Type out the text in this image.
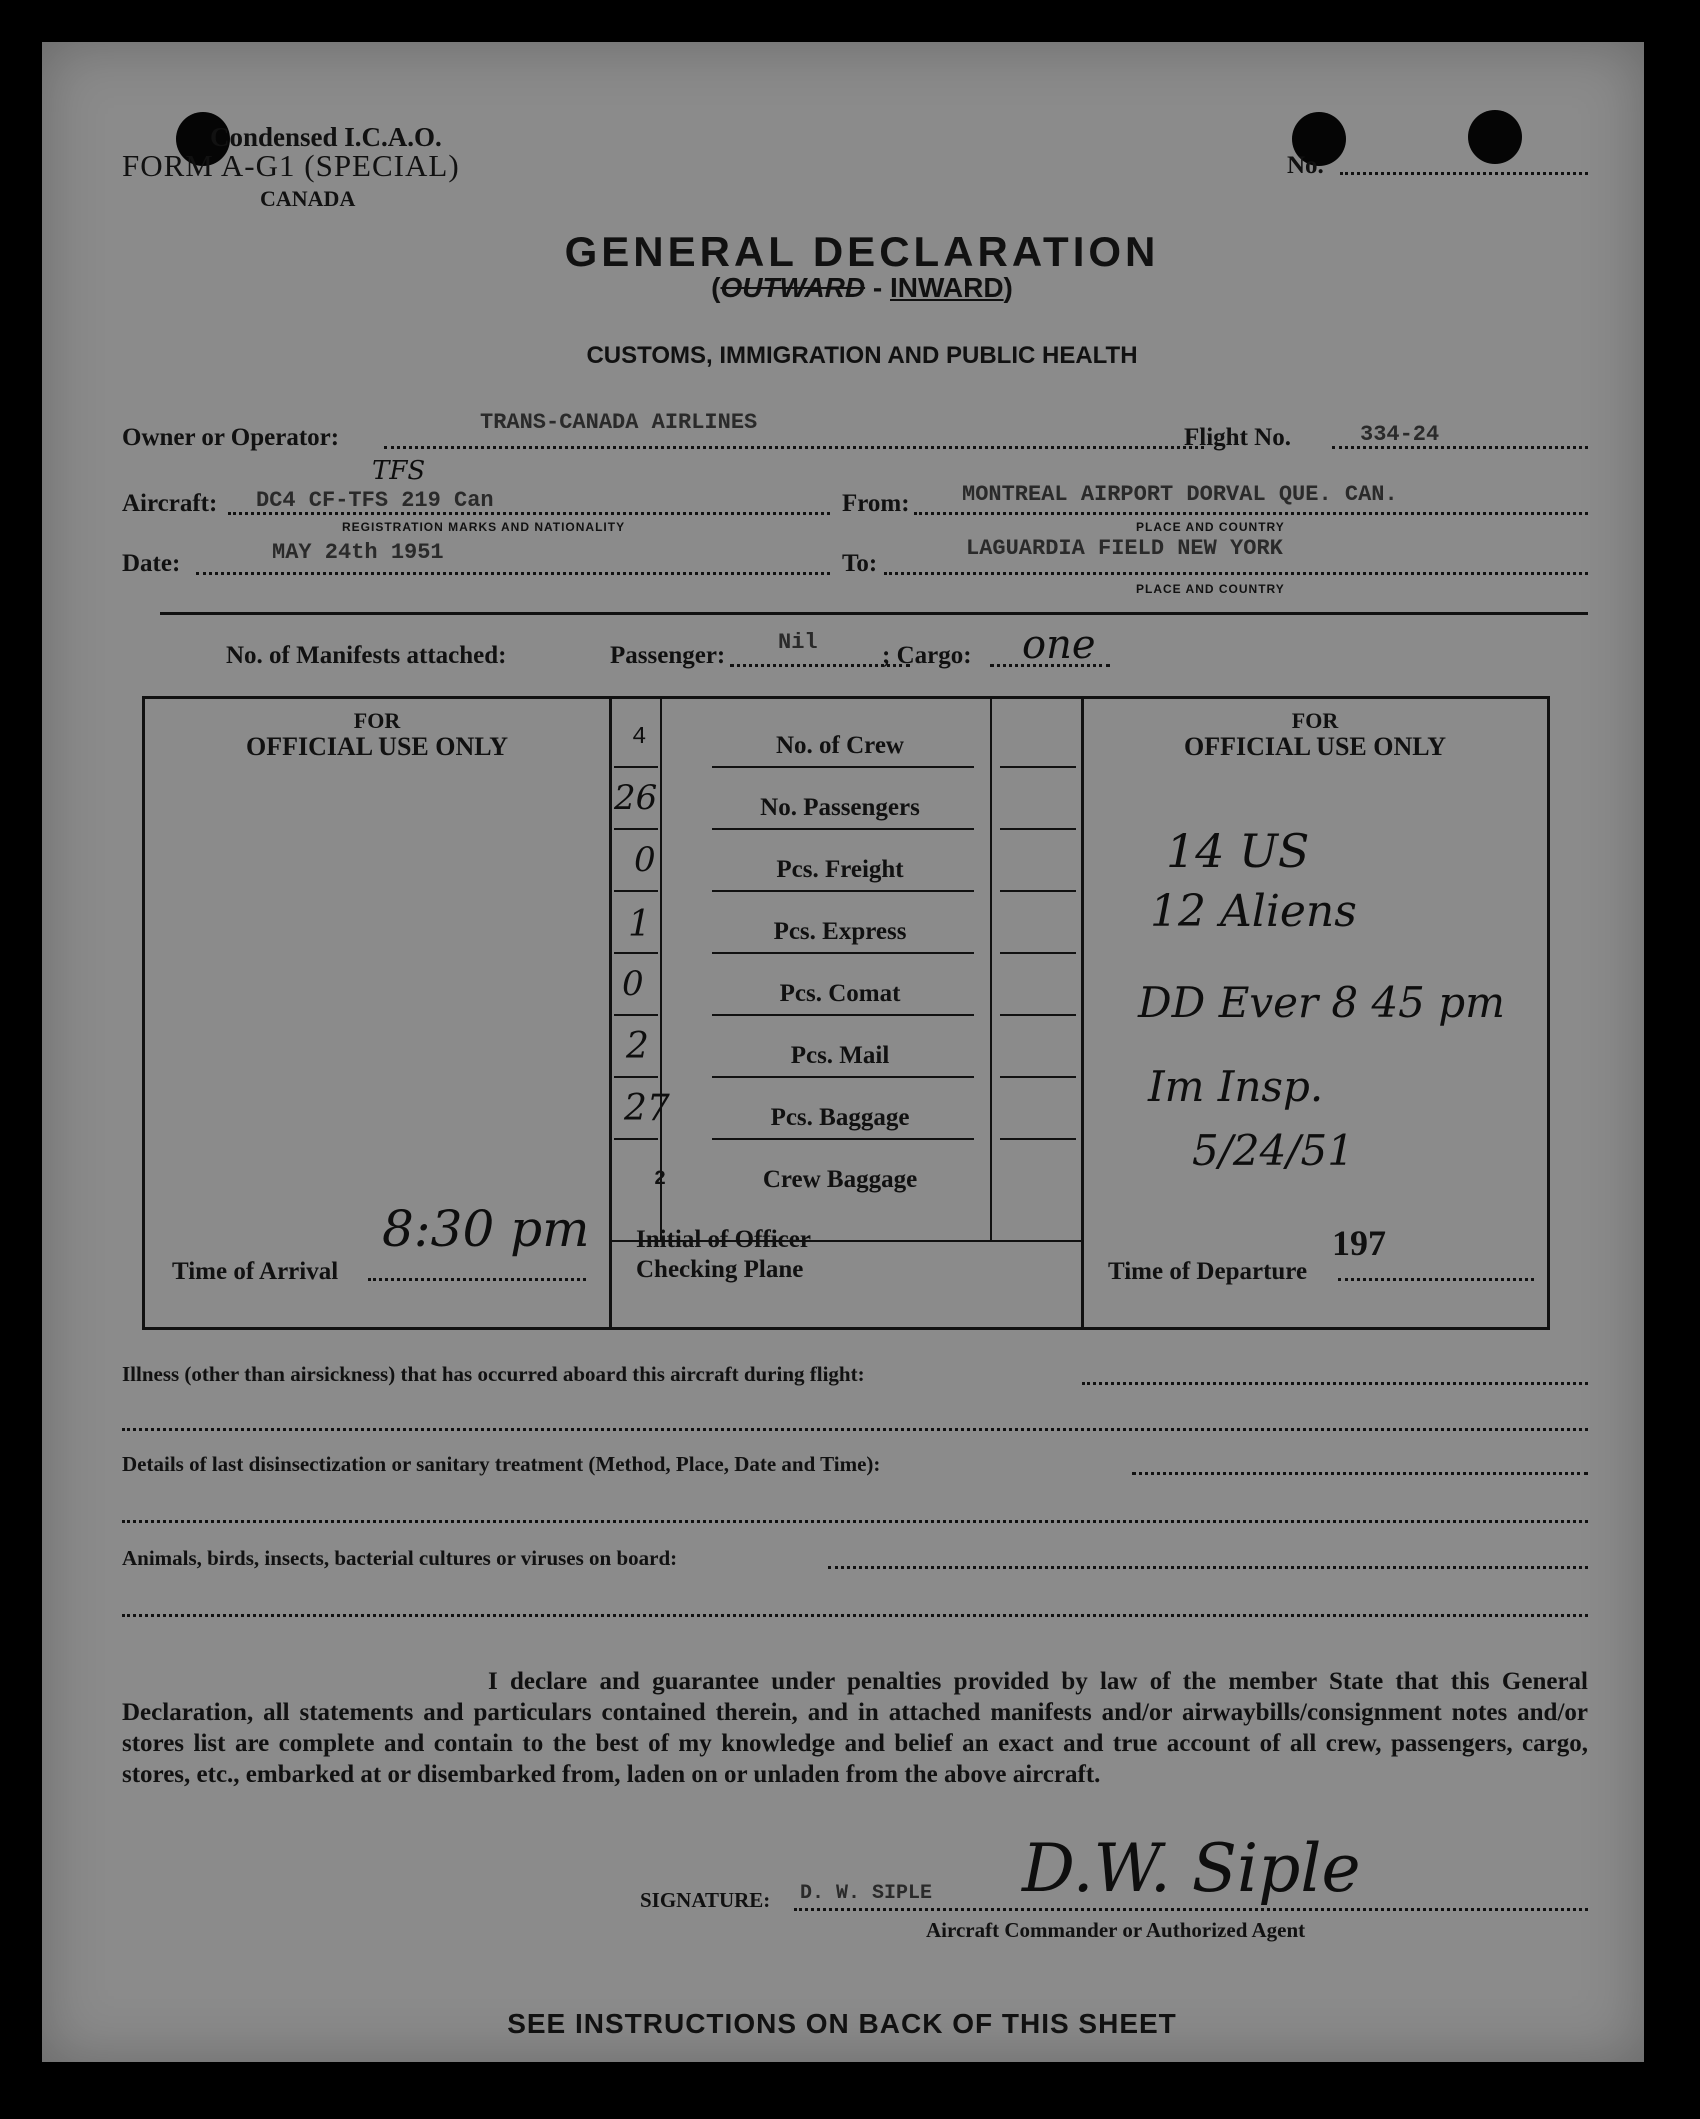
Condensed I.C.A.O.
FORM A-G1 (SPECIAL)
CANADA
No.
GENERAL DECLARATION
(OUTWARD - INWARD)
CUSTOMS, IMMIGRATION AND PUBLIC HEALTH
Owner or Operator:
TRANS-CANADA AIRLINES
Flight No.	334-24
Aircraft: DC4 CF-TFS 219 Can
TFS
REGISTRATION MARKS AND NATIONALITY
From: MONTREAL AIRPORT DORVAL QUE. CAN.
PLACE AND COUNTRY
Date:	MAY 24th 1951	To:
LAGUARDIA FIELD NEW YORK
PLACE AND COUNTRY
No. of Manifests attached:	Passenger: Nil	; Cargo: one
FOR
OFFICIAL USE ONLY
FOR
OFFICIAL USE ONLY
4	No. of Crew
26	No. Passengers
0	Pcs. Freight
1	Pcs. Express
0	Pcs. Comat
2	Pcs. Mail
27	Pcs. Baggage
2	Crew Baggage
Initial of Officer
Checking Plane
Time of Arrival
8:30 pm
Time of Departure
197
14 US
12 Aliens
DD Ever 8 45 pm
Im Insp.
5/24/51
Illness (other than airsickness) that has occurred aboard this aircraft during flight:
Details of last disinsectization or sanitary treatment (Method, Place, Date and Time):
Animals, birds, insects, bacterial cultures or viruses on board:
I declare and guarantee under penalties provided by law of the member State that this General Declaration, all statements and particulars contained therein, and in attached manifests and/or airwaybills/consignment notes and/or stores list are complete and contain to the best of my knowledge and belief an exact and true account of all crew, passengers, cargo, stores, etc., embarked at or disembarked from, laden on or unladen from the above aircraft.
SIGNATURE: D. W. SIPLE D.W. Siple
Aircraft Commander or Authorized Agent
SEE INSTRUCTIONS ON BACK OF THIS SHEET
